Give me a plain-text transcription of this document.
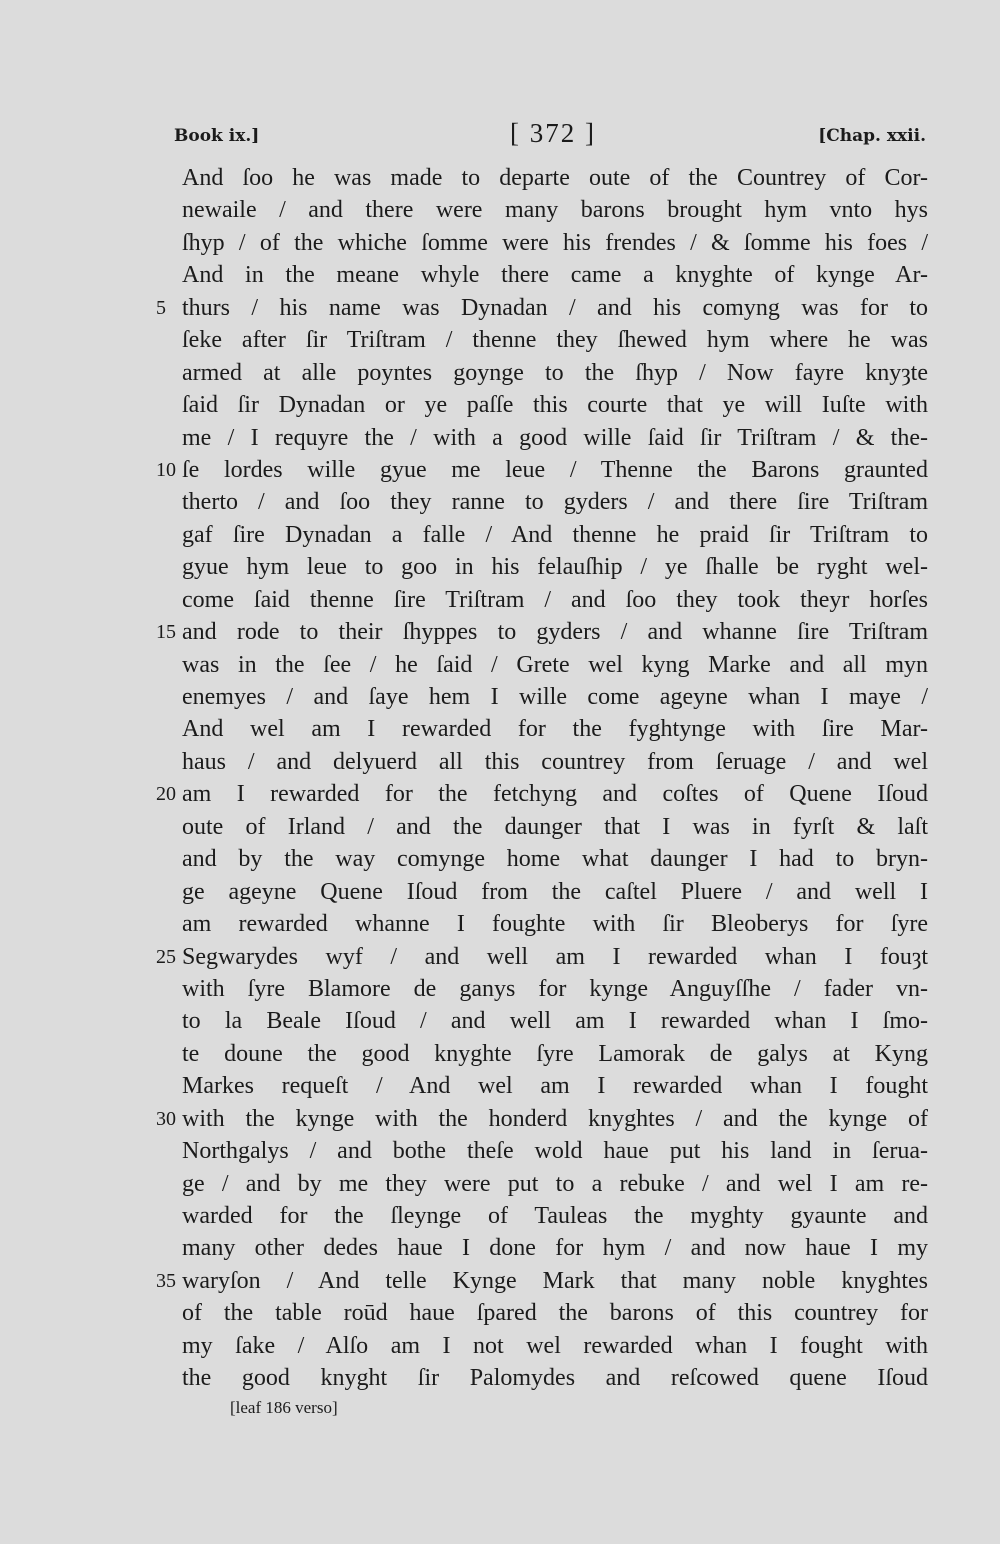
Book ix.]	[ 372 ]	[Chap. xxii.
And ſoo he was made to departe oute of the Countrey of Cor-
newaile / and there were many barons brought hym vnto hys
ſhyp / of the whiche ſomme were his frendes / & ſomme his foes /
And in the meane whyle there came a knyghte of kynge Ar-
5 thurs / his name was Dynadan / and his comyng was for to
ſeke after ſir Triſtram / thenne they ſhewed hym where he was
armed at alle poyntes goynge to the ſhyp / Now fayre knyȝte
ſaid ſir Dynadan or ye paſſe this courte that ye will Iuſte with
me / I requyre the / with a good wille ſaid ſir Triſtram / & the-
10 ſe lordes wille gyue me leue / Thenne the Barons graunted
therto / and ſoo they ranne to gyders / and there ſire Triſtram
gaf ſire Dynadan a falle / And thenne he praid ſir Triſtram to
gyue hym leue to goo in his felauſhip / ye ſhalle be ryght wel-
come ſaid thenne ſire Triſtram / and ſoo they took theyr horſes
15 and rode to their ſhyppes to gyders / and whanne ſire Triſtram
was in the ſee / he ſaid / Grete wel kyng Marke and all myn
enemyes / and ſaye hem I wille come ageyne whan I maye /
And wel am I rewarded for the fyghtynge with ſire Mar-
haus / and delyuerd all this countrey from ſeruage / and wel
20 am I rewarded for the fetchyng and coſtes of Quene Iſoud
oute of Irland / and the daunger that I was in fyrſt & laſt
and by the way comynge home what daunger I had to bryn-
ge ageyne Quene Iſoud from the caſtel Pluere / and well I
am rewarded whanne I foughte with ſir Bleoberys for ſyre
25 Segwarydes wyf / and well am I rewarded whan I fouȝt
with ſyre Blamore de ganys for kynge Anguyſſhe / fader vn-
to la Beale Iſoud / and well am I rewarded whan I ſmo-
te doune the good knyghte ſyre Lamorak de galys at Kyng
Markes requeſt / And wel am I rewarded whan I fought
30 with the kynge with the honderd knyghtes / and the kynge of
Northgalys / and bothe theſe wold haue put his land in ſerua-
ge / and by me they were put to a rebuke / and wel I am re-
warded for the ſleynge of Tauleas the myghty gyaunte and
many other dedes haue I done for hym / and now haue I my
35 waryſon / And telle Kynge Mark that many noble knyghtes
of the table roūd haue ſpared the barons of this countrey for
my ſake / Alſo am I not wel rewarded whan I fought with
the good knyght ſir Palomydes and reſcowed quene Iſoud
[leaf 186 verso]
